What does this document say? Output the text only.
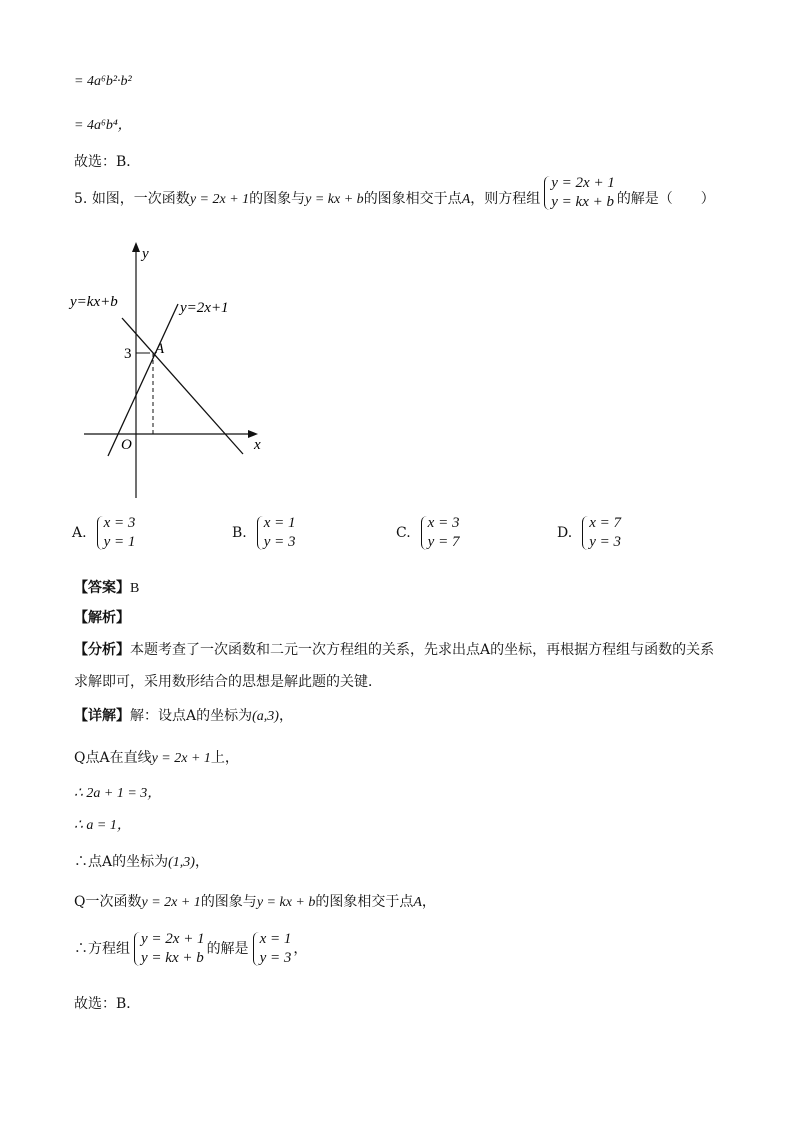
= 4a⁶b²·b²
= 4a⁶b⁴，
故选：B．
5. 如图，一次函数y = 2x + 1的图象与y = kx + b的图象相交于点A，则方程组
y = 2x + 1
y = kx + b 的解是（　　）
y
x
O
y=kx+b	y=2x+1
3 A
A.
x = 3
y = 1
B.
x = 1
y = 3
C.
x = 3
y = 7
D.
x = 7
y = 3
【答案】B
【解析】
【分析】本题考查了一次函数和二元一次方程组的关系，先求出点A的坐标，再根据方程组与函数的关系
求解即可，采用数形结合的思想是解此题的关键．
【详解】解：设点A的坐标为(a,3)，
Q点A在直线y = 2x + 1上，
∴ 2a + 1 = 3，
∴ a = 1，
∴点A的坐标为(1,3)，
Q一次函数y = 2x + 1的图象与y = kx + b的图象相交于点A，
∴方程组
y = 2x + 1
y = kx + b
的解是
x = 1
y = 3
，
故选：B．
